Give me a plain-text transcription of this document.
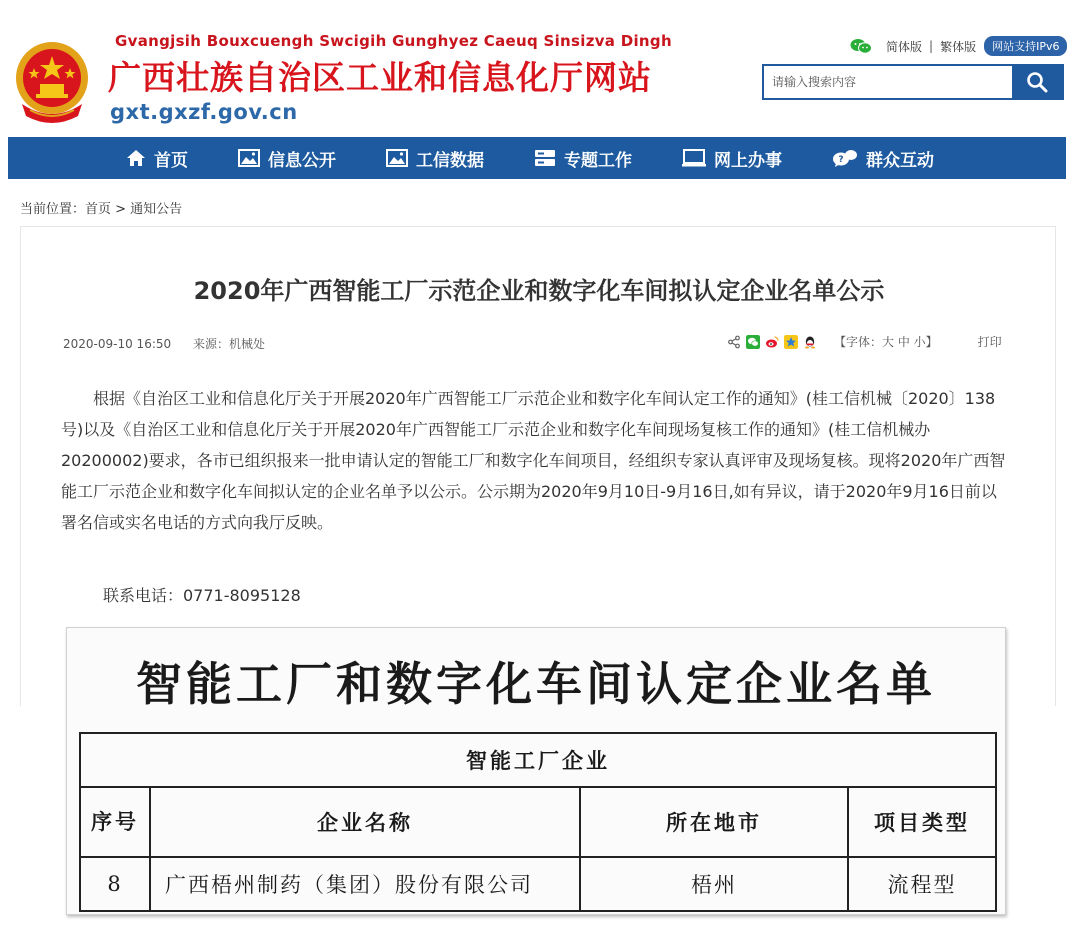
Gvangjsih Bouxcuengh Swcigih Gunghyez Caeuq Sinsizva Dingh
广西壮族自治区工业和信息化厅网站
gxt.gxzf.gov.cn
简体版 | 繁体版	网站支持IPv6
请输入搜索内容
首页	信息公开	工信数据	专题工作	网上办事	? 群众互动
当前位置：首页 > 通知公告
2020年广西智能工厂示范企业和数字化车间拟认定企业名单公示
2020-09-10 16:50 来源：机械处	【字体：大 中 小】	打印
根据《自治区工业和信息化厅关于开展2020年广西智能工厂示范企业和数字化车间认定工作的通知》(桂工信机械〔2020〕138号)以及《自治区工业和信息化厅关于开展2020年广西智能工厂示范企业和数字化车间现场复核工作的通知》(桂工信机械办20200002)要求，各市已组织报来一批申请认定的智能工厂和数字化车间项目，经组织专家认真评审及现场复核。现将2020年广西智能工厂示范企业和数字化车间拟认定的企业名单予以公示。公示期为2020年9月10日-9月16日,如有异议，请于2020年9月16日前以署名信或实名电话的方式向我厅反映。
联系电话：0771-8095128
智能工厂和数字化车间认定企业名单
智能工厂企业			
序号	企业名称	所在地市	项目类型
8	广西梧州制药（集团）股份有限公司	梧州	流程型
